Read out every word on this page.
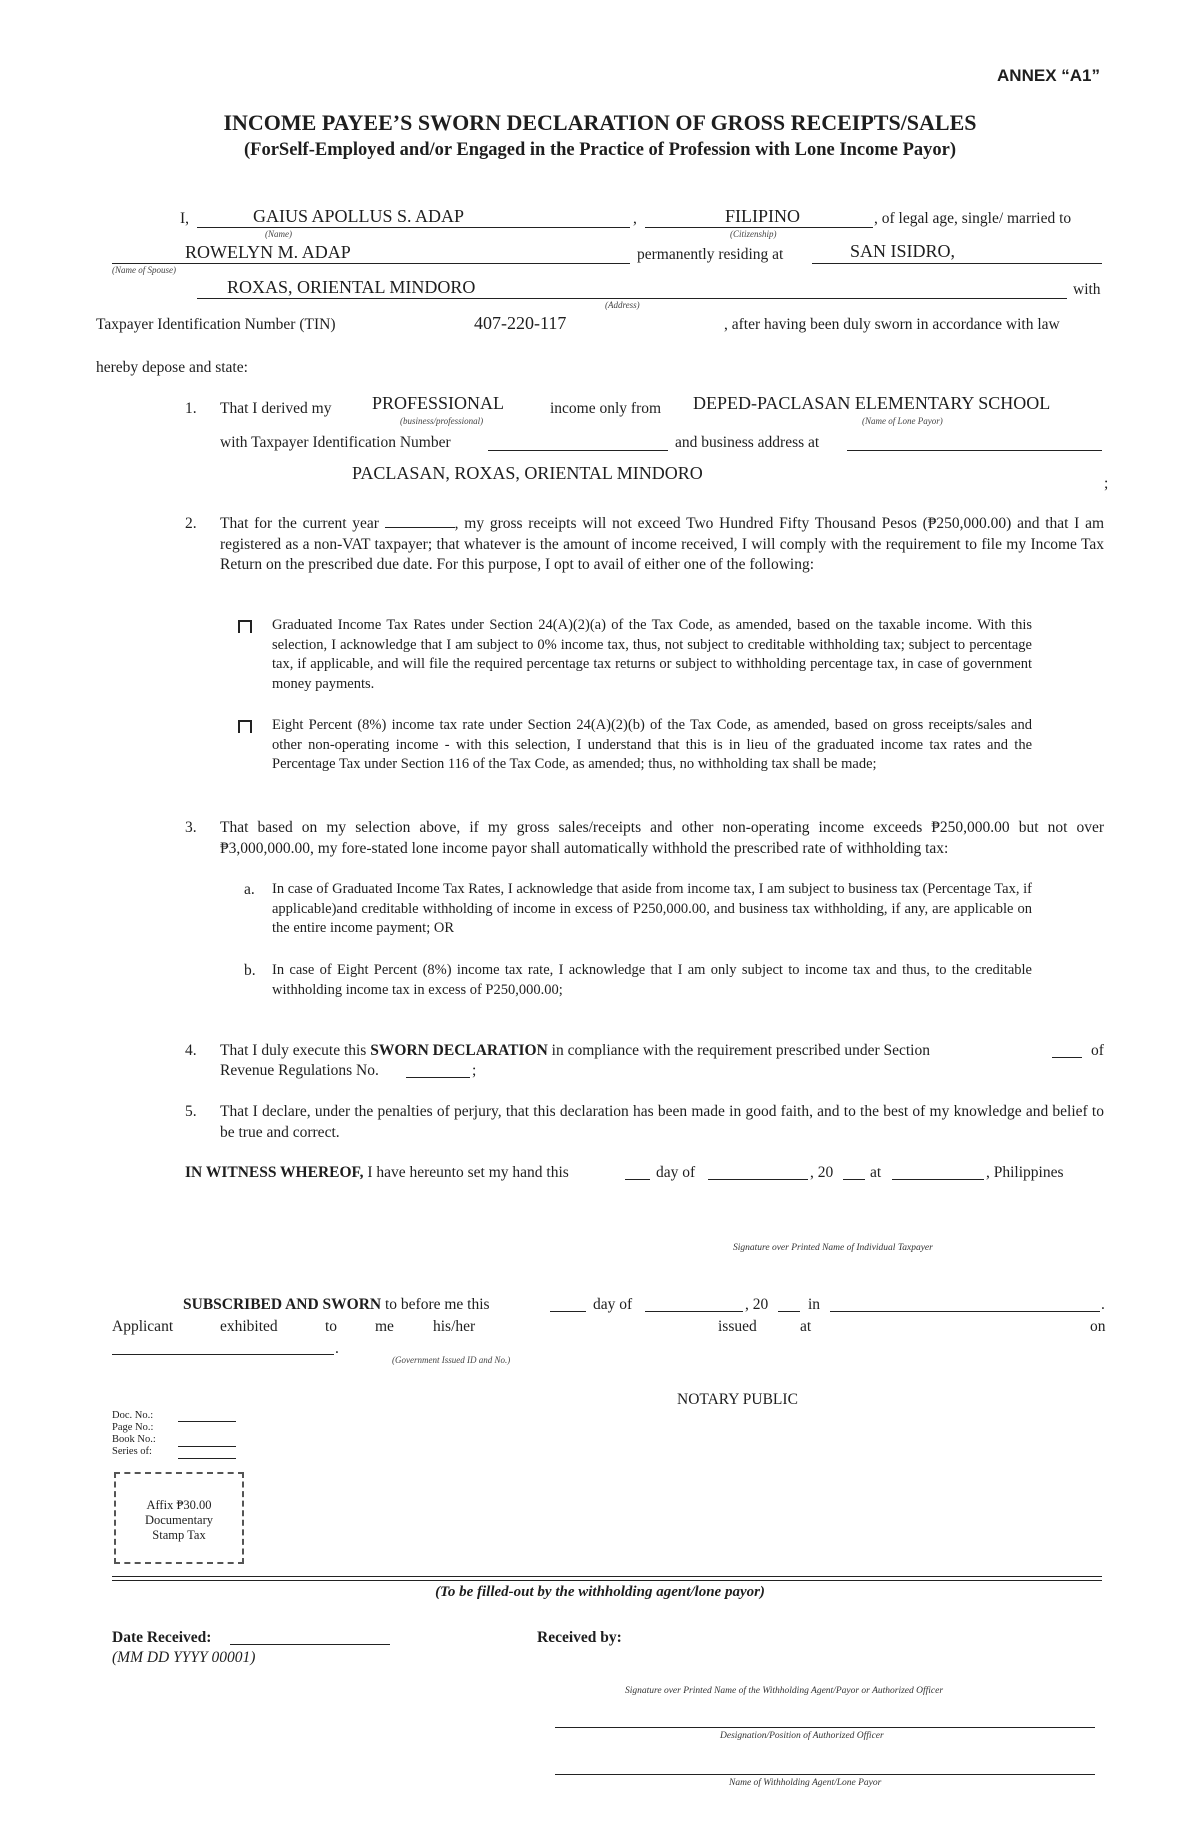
ANNEX “A1”
INCOME PAYEE’S SWORN DECLARATION OF GROSS RECEIPTS/SALES
(ForSelf-Employed and/or Engaged in the Practice of Profession with Lone Income Payor)
I,	GAIUS APOLLUS S. ADAP
(Name)
,	FILIPINO
(Citizenship)
, of legal age, single/ married to
ROWELYN M. ADAP
(Name of Spouse)
permanently residing at	SAN ISIDRO,
ROXAS, ORIENTAL MINDORO	with
(Address)
Taxpayer Identification Number (TIN)	407-220-117	, after having been duly sworn in accordance with law
hereby depose and state:
1. That I derived my PROFESSIONAL
(business/professional)
income only from DEPED-PACLASAN ELEMENTARY SCHOOL
(Name of Lone Payor)
with Taxpayer Identification Number	and business address at
PACLASAN, ROXAS, ORIENTAL MINDORO
;
2. That for the current year	, my gross receipts will not exceed Two Hundred Fifty Thousand Pesos (₱250,000.00) and that I am registered as a non-VAT taxpayer; that whatever is the amount of income received, I will comply with the requirement to file my Income Tax Return on the prescribed due date. For this purpose, I opt to avail of either one of the following:
Graduated Income Tax Rates under Section 24(A)(2)(a) of the Tax Code, as amended, based on the taxable income. With this selection, I acknowledge that I am subject to 0% income tax, thus, not subject to creditable withholding tax; subject to percentage tax, if applicable, and will file the required percentage tax returns or subject to withholding percentage tax, in case of government money payments.
Eight Percent (8%) income tax rate under Section 24(A)(2)(b) of the Tax Code, as amended, based on gross receipts/sales and other non-operating income - with this selection, I understand that this is in lieu of the graduated income tax rates and the Percentage Tax under Section 116 of the Tax Code, as amended; thus, no withholding tax shall be made;
3. That based on my selection above, if my gross sales/receipts and other non-operating income exceeds ₱250,000.00 but not over ₱3,000,000.00, my fore-stated lone income payor shall automatically withhold the prescribed rate of withholding tax:
a. In case of Graduated Income Tax Rates, I acknowledge that aside from income tax, I am subject to business tax (Percentage Tax, if applicable)and creditable withholding of income in excess of P250,000.00, and business tax withholding, if any, are applicable on the entire income payment; OR
b. In case of Eight Percent (8%) income tax rate, I acknowledge that I am only subject to income tax and thus, to the creditable withholding income tax in excess of P250,000.00;
4. That I duly execute this SWORN DECLARATION in compliance with the requirement prescribed under Section	of
Revenue Regulations No.	;
5. That I declare, under the penalties of perjury, that this declaration has been made in good faith, and to the best of my knowledge and belief to be true and correct.
IN WITNESS WHEREOF, I have hereunto set my hand this	day of	, 20 at	, Philippines
Signature over Printed Name of Individual Taxpayer
SUBSCRIBED AND SWORN to before me this	day of	, 20	in	.
Applicant	exhibited	to me	his/her	issued	at	on
.
(Government Issued ID and No.)
NOTARY PUBLIC
Doc. No.:
Page No.:
Book No.:
Series of:
Affix ₱30.00
Documentary
Stamp Tax
(To be filled-out by the withholding agent/lone payor)
Date Received:
(MM DD YYYY 00001)
Received by:
Signature over Printed Name of the Withholding Agent/Payor or Authorized Officer
Designation/Position of Authorized Officer
Name of Withholding Agent/Lone Payor
